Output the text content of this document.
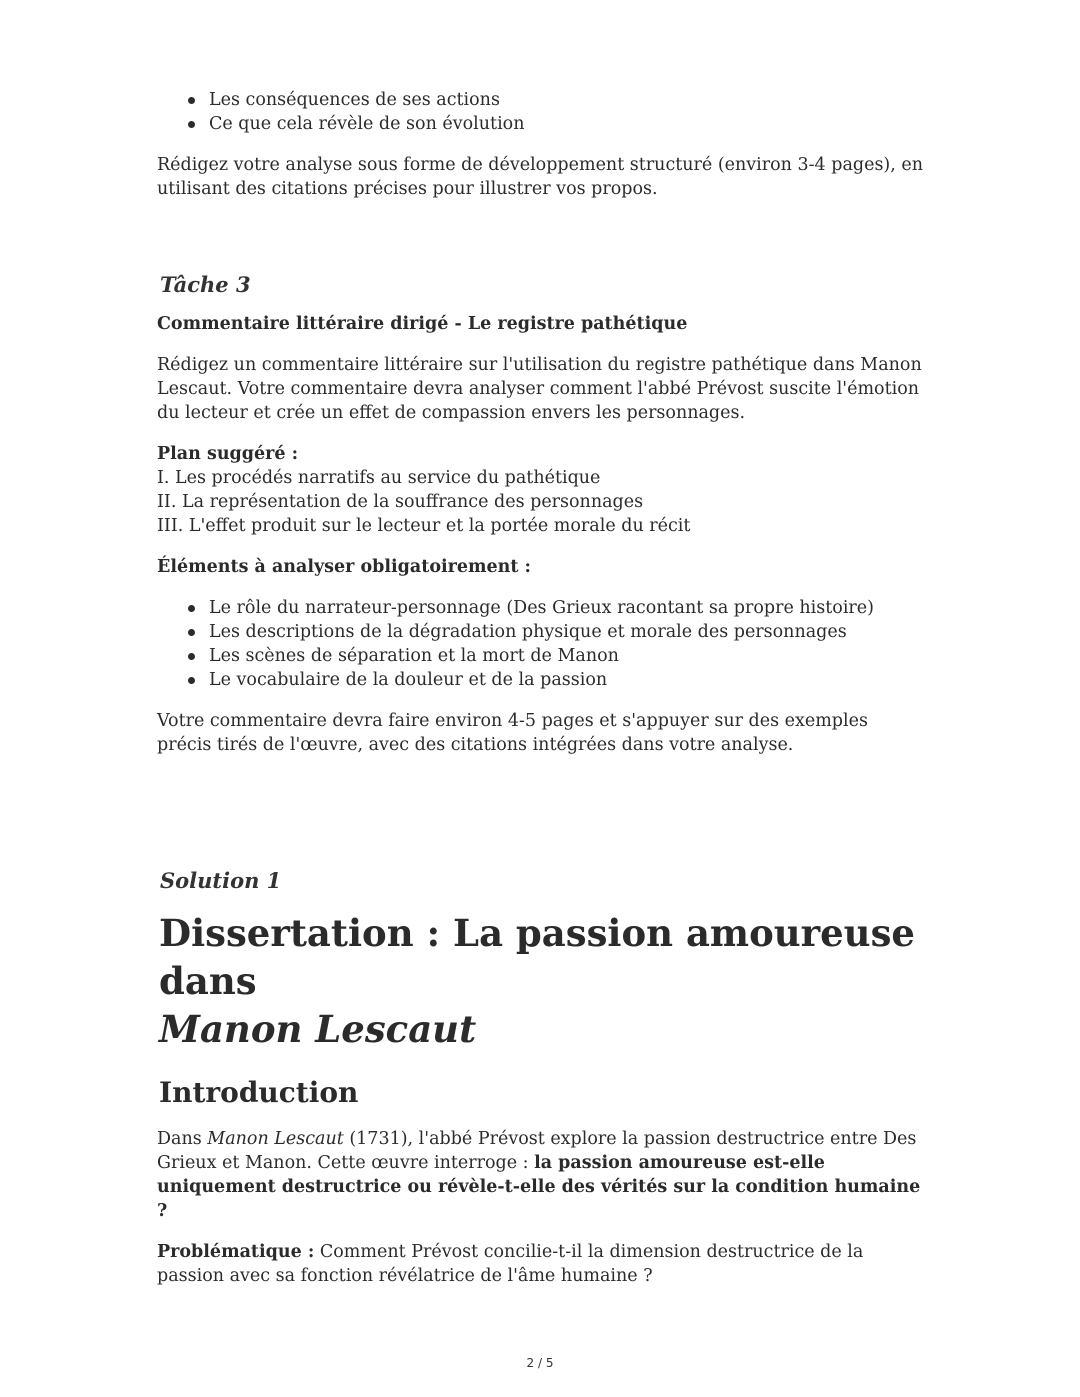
Les conséquences de ses actions
Ce que cela révèle de son évolution

Rédigez votre analyse sous forme de développement structuré (environ 3-4 pages), en utilisant des citations précises pour illustrer vos propos.

Tâche 3

Commentaire littéraire dirigé - Le registre pathétique

Rédigez un commentaire littéraire sur l'utilisation du registre pathétique dans Manon Lescaut. Votre commentaire devra analyser comment l'abbé Prévost suscite l'émotion du lecteur et crée un effet de compassion envers les personnages.

Plan suggéré :
I. Les procédés narratifs au service du pathétique
II. La représentation de la souffrance des personnages
III. L'effet produit sur le lecteur et la portée morale du récit

Éléments à analyser obligatoirement :

Le rôle du narrateur-personnage (Des Grieux racontant sa propre histoire)
Les descriptions de la dégradation physique et morale des personnages
Les scènes de séparation et la mort de Manon
Le vocabulaire de la douleur et de la passion

Votre commentaire devra faire environ 4-5 pages et s'appuyer sur des exemples précis tirés de l'œuvre, avec des citations intégrées dans votre analyse.

Solution 1
Dissertation : La passion amoureuse dans
Manon Lescaut
Introduction

Dans Manon Lescaut (1731), l'abbé Prévost explore la passion destructrice entre Des Grieux et Manon. Cette œuvre interroge : la passion amoureuse est-elle uniquement destructrice ou révèle-t-elle des vérités sur la condition humaine ?

Problématique : Comment Prévost concilie-t-il la dimension destructrice de la passion avec sa fonction révélatrice de l'âme humaine ?

2 / 5
